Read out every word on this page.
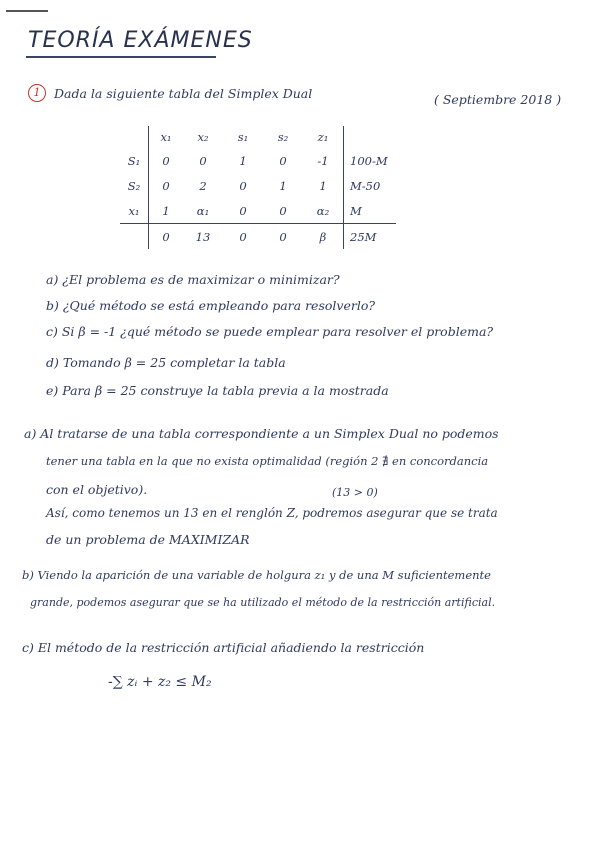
TEORÍA EXÁMENES
1	Dada la siguiente tabla del Simplex Dual	( Septiembre 2018 )
	x₁	x₂	s₁	s₂	z₁	
S₁	0	0	1	0	-1	100-M
S₂	0	2	0	1	1	M-50
x₁	1	α₁	0	0	α₂	M
	0	13	0	0	β	25M
a) ¿El problema es de maximizar o minimizar?
b) ¿Qué método se está empleando para resolverlo?
c) Si β = -1 ¿qué método se puede emplear para resolver el problema?
d) Tomando β = 25 completar la tabla
e) Para β = 25 construye la tabla previa a la mostrada
a) Al tratarse de una tabla correspondiente a un Simplex Dual no podemos
tener una tabla en la que no exista optimalidad (región 2 ∄ en concordancia
con el objetivo).	(13 > 0)
Así, como tenemos un 13 en el renglón Z, podremos asegurar que se trata
de un problema de MAXIMIZAR
b) Viendo la aparición de una variable de holgura z₁ y de una M suficientemente
grande, podemos asegurar que se ha utilizado el método de la restricción artificial.
c) El método de la restricción artificial añadiendo la restricción
-∑ zᵢ + z₂ ≤ M₂
